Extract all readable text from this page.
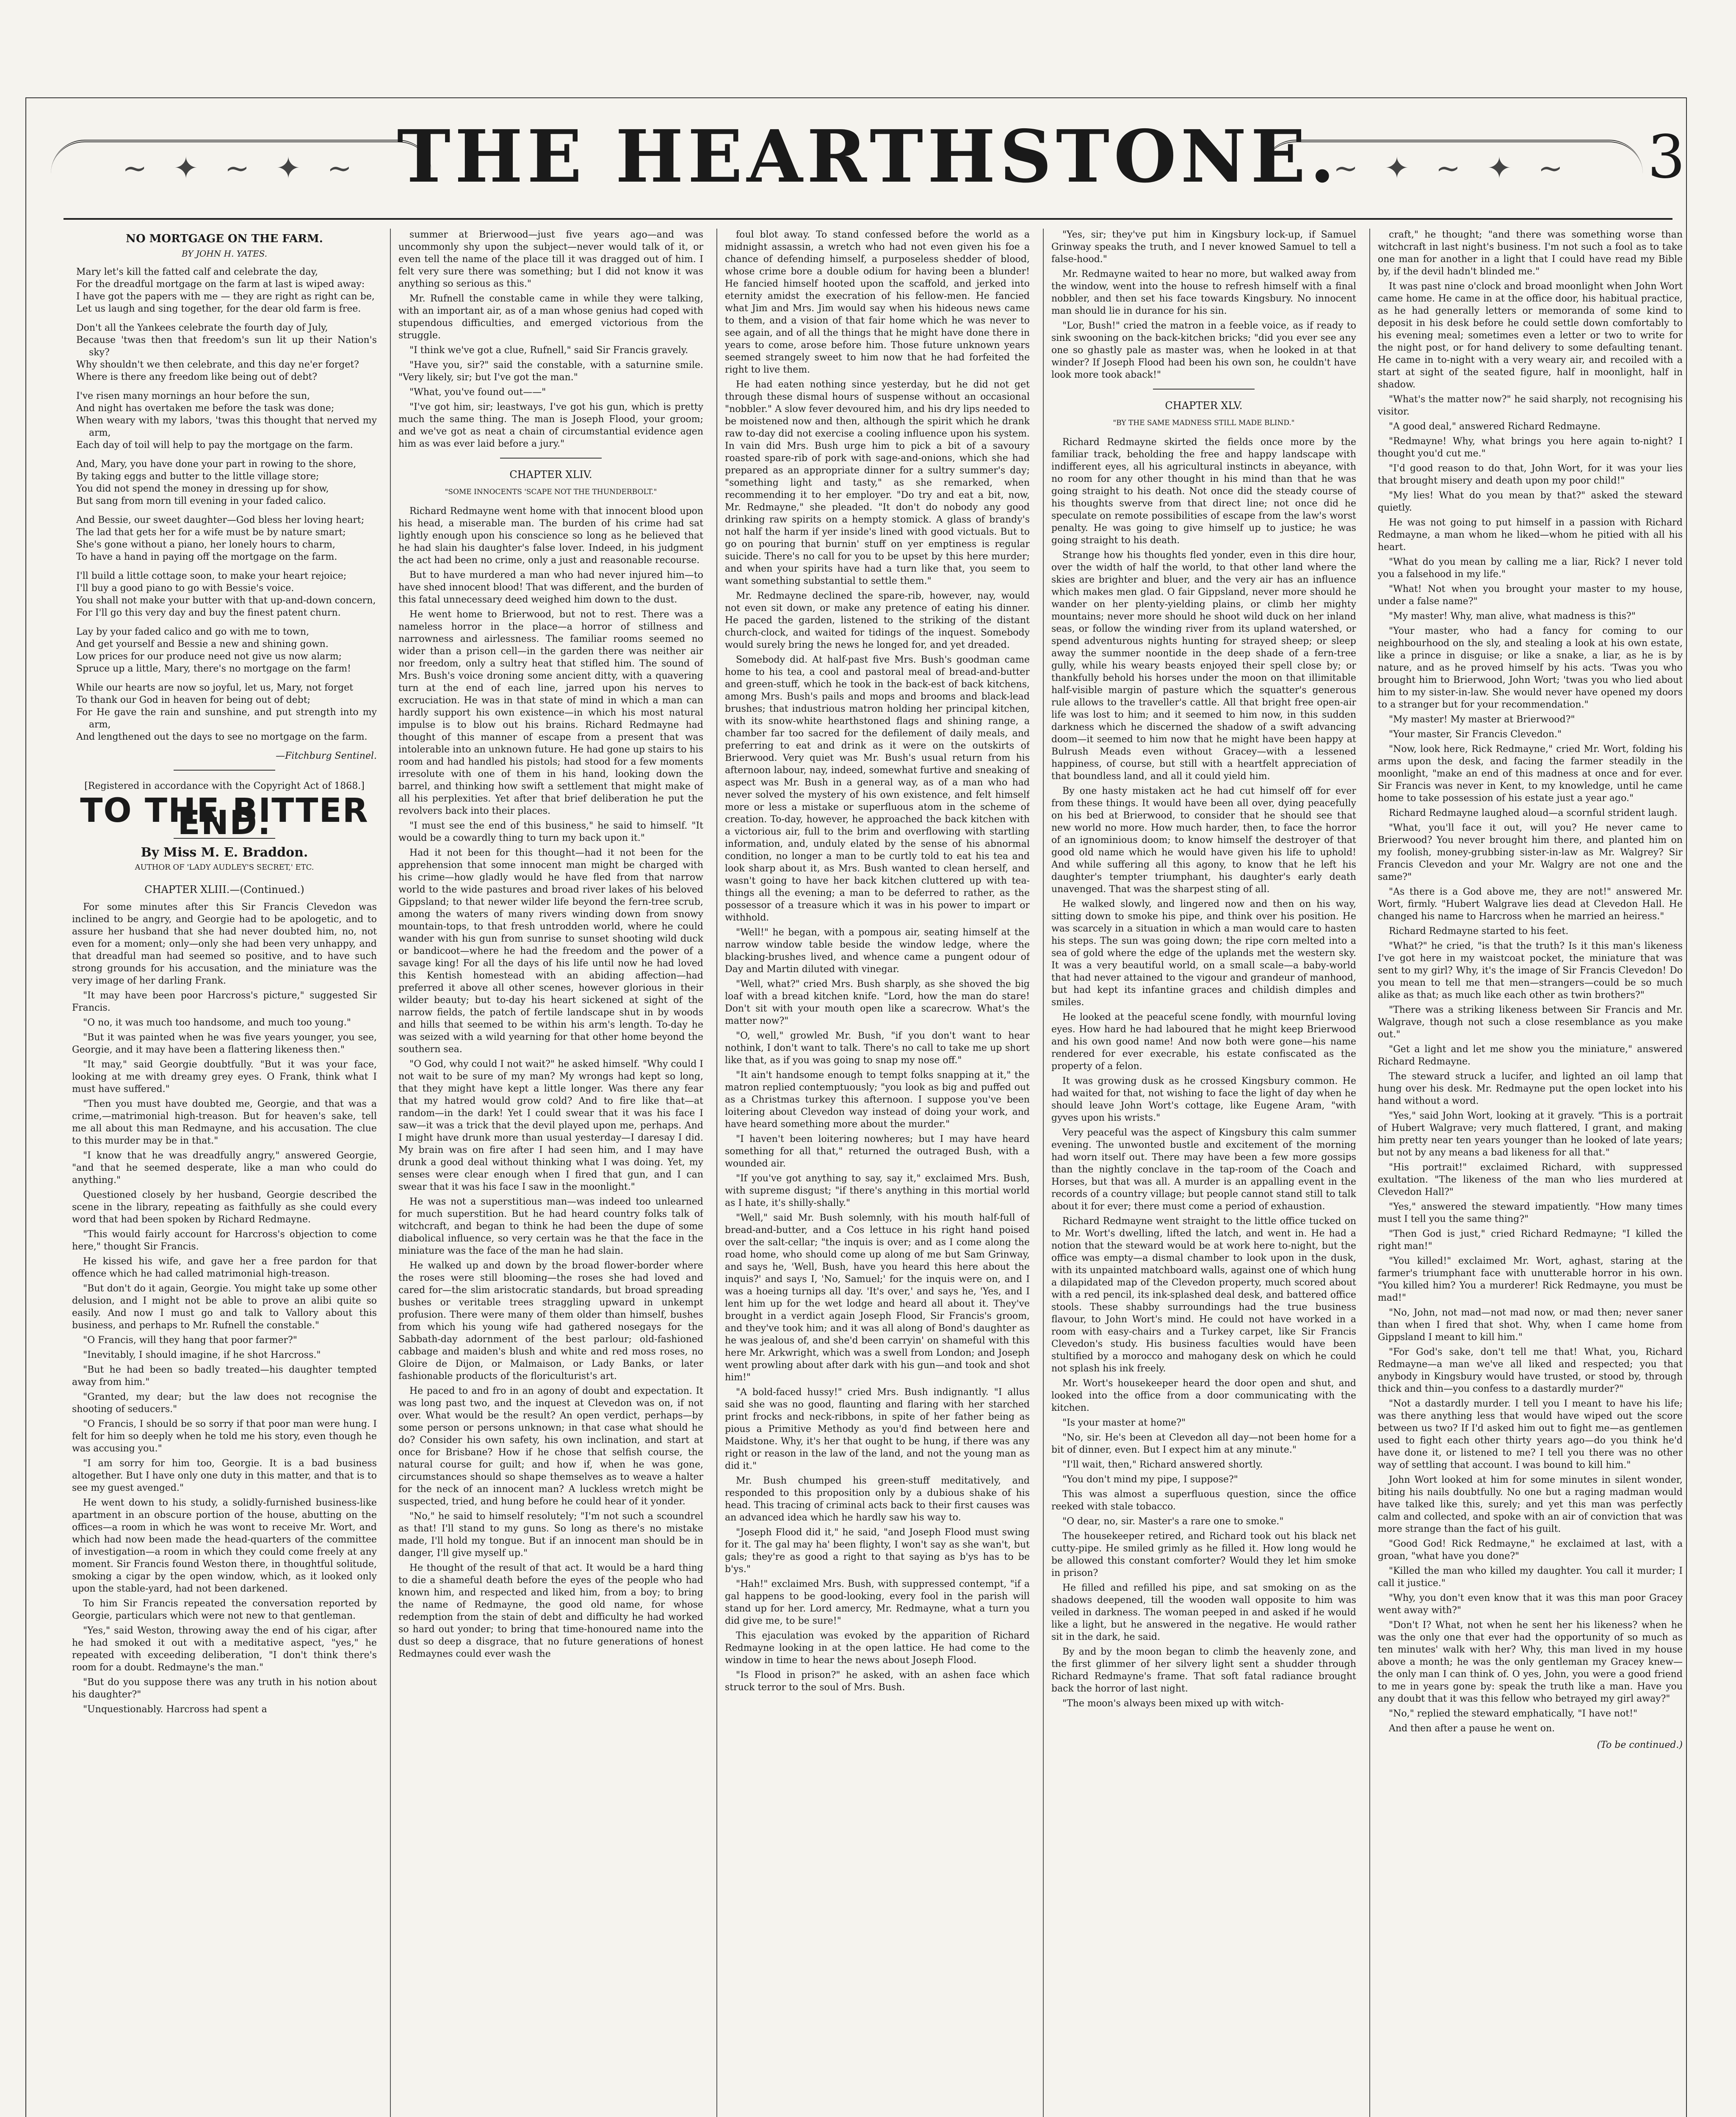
~ ✦ ~ ✦ ~	~ ✦ ~ ✦ ~
THE HEARTHSTONE.	3
NO MORTGAGE ON THE FARM.
BY JOHN H. YATES.
Mary let's kill the fatted calf and celebrate the day,
For the dreadful mortgage on the farm at last is wiped away:
I have got the papers with me — they are right as right can be,
Let us laugh and sing together, for the dear old farm is free.
Don't all the Yankees celebrate the fourth day of July,
Because 'twas then that freedom's sun lit up their Nation's sky?
Why shouldn't we then celebrate, and this day ne'er forget?
Where is there any freedom like being out of debt?
I've risen many mornings an hour before the sun,
And night has overtaken me before the task was done;
When weary with my labors, 'twas this thought that nerved my arm,
Each day of toil will help to pay the mortgage on the farm.
And, Mary, you have done your part in rowing to the shore,
By taking eggs and butter to the little village store;
You did not spend the money in dressing up for show,
But sang from morn till evening in your faded calico.
And Bessie, our sweet daughter—God bless her loving heart;
The lad that gets her for a wife must be by nature smart;
She's gone without a piano, her lonely hours to charm,
To have a hand in paying off the mortgage on the farm.
I'll build a little cottage soon, to make your heart rejoice;
I'll buy a good piano to go with Bessie's voice.
You shall not make your butter with that up-and-down concern,
For I'll go this very day and buy the finest patent churn.
Lay by your faded calico and go with me to town,
And get yourself and Bessie a new and shining gown.
Low prices for our produce need not give us now alarm;
Spruce up a little, Mary, there's no mortgage on the farm!
While our hearts are now so joyful, let us, Mary, not forget
To thank our God in heaven for being out of debt;
For He gave the rain and sunshine, and put strength into my arm,
And lengthened out the days to see no mortgage on the farm.
—Fitchburg Sentinel.
[Registered in accordance with the Copyright Act of 1868.]
TO THE BITTER END.
By Miss M. E. Braddon.
AUTHOR OF 'LADY AUDLEY'S SECRET,' ETC.
CHAPTER XLIII.—(Continued.)

For some minutes after this Sir Francis Clevedon was inclined to be angry, and Georgie had to be apologetic, and to assure her husband that she had never doubted him, no, not even for a moment; only—only she had been very unhappy, and that dreadful man had seemed so positive, and to have such strong grounds for his accusation, and the miniature was the very image of her darling Frank.

"It may have been poor Harcross's picture," suggested Sir Francis.

"O no, it was much too handsome, and much too young."

"But it was painted when he was five years younger, you see, Georgie, and it may have been a flattering likeness then."

"It may," said Georgie doubtfully. "But it was your face, looking at me with dreamy grey eyes. O Frank, think what I must have suffered."

"Then you must have doubted me, Georgie, and that was a crime,—matrimonial high-treason. But for heaven's sake, tell me all about this man Redmayne, and his accusation. The clue to this murder may be in that."

"I know that he was dreadfully angry," answered Georgie, "and that he seemed desperate, like a man who could do anything."

Questioned closely by her husband, Georgie described the scene in the library, repeating as faithfully as she could every word that had been spoken by Richard Redmayne.

"This would fairly account for Harcross's objection to come here," thought Sir Francis.

He kissed his wife, and gave her a free pardon for that offence which he had called matrimonial high-treason.

"But don't do it again, Georgie. You might take up some other delusion, and I might not be able to prove an alibi quite so easily. And now I must go and talk to Vallory about this business, and perhaps to Mr. Rufnell the constable."

"O Francis, will they hang that poor farmer?"

"Inevitably, I should imagine, if he shot Harcross."

"But he had been so badly treated—his daughter tempted away from him."

"Granted, my dear; but the law does not recognise the shooting of seducers."

"O Francis, I should be so sorry if that poor man were hung. I felt for him so deeply when he told me his story, even though he was accusing you."

"I am sorry for him too, Georgie. It is a bad business altogether. But I have only one duty in this matter, and that is to see my guest avenged."

He went down to his study, a solidly-furnished business-like apartment in an obscure portion of the house, abutting on the offices—a room in which he was wont to receive Mr. Wort, and which had now been made the head-quarters of the committee of investigation—a room in which they could come freely at any moment. Sir Francis found Weston there, in thoughtful solitude, smoking a cigar by the open window, which, as it looked only upon the stable-yard, had not been darkened.

To him Sir Francis repeated the conversation reported by Georgie, particulars which were not new to that gentleman.

"Yes," said Weston, throwing away the end of his cigar, after he had smoked it out with a meditative aspect, "yes," he repeated with exceeding deliberation, "I don't think there's room for a doubt. Redmayne's the man."

"But do you suppose there was any truth in his notion about his daughter?"

"Unquestionably. Harcross had spent a

summer at Brierwood—just five years ago—and was uncommonly shy upon the subject—never would talk of it, or even tell the name of the place till it was dragged out of him. I felt very sure there was something; but I did not know it was anything so serious as this."

Mr. Rufnell the constable came in while they were talking, with an important air, as of a man whose genius had coped with stupendous difficulties, and emerged victorious from the struggle.

"I think we've got a clue, Rufnell," said Sir Francis gravely.

"Have you, sir?" said the constable, with a saturnine smile. "Very likely, sir; but I've got the man."

"What, you've found out——"

"I've got him, sir; leastways, I've got his gun, which is pretty much the same thing. The man is Joseph Flood, your groom; and we've got as neat a chain of circumstantial evidence agen him as was ever laid before a jury."

CHAPTER XLIV.
"SOME INNOCENTS 'SCAPE NOT THE THUNDERBOLT."

Richard Redmayne went home with that innocent blood upon his head, a miserable man. The burden of his crime had sat lightly enough upon his conscience so long as he believed that he had slain his daughter's false lover. Indeed, in his judgment the act had been no crime, only a just and reasonable recourse.

But to have murdered a man who had never injured him—to have shed innocent blood! That was different, and the burden of this fatal unnecessary deed weighed him down to the dust.

He went home to Brierwood, but not to rest. There was a nameless horror in the place—a horror of stillness and narrowness and airlessness. The familiar rooms seemed no wider than a prison cell—in the garden there was neither air nor freedom, only a sultry heat that stifled him. The sound of Mrs. Bush's voice droning some ancient ditty, with a quavering turn at the end of each line, jarred upon his nerves to excruciation. He was in that state of mind in which a man can hardly support his own existence—in which his most natural impulse is to blow out his brains. Richard Redmayne had thought of this manner of escape from a present that was intolerable into an unknown future. He had gone up stairs to his room and had handled his pistols; had stood for a few moments irresolute with one of them in his hand, looking down the barrel, and thinking how swift a settlement that might make of all his perplexities. Yet after that brief deliberation he put the revolvers back into their places.

"I must see the end of this business," he said to himself. "It would be a cowardly thing to turn my back upon it."

Had it not been for this thought—had it not been for the apprehension that some innocent man might be charged with his crime—how gladly would he have fled from that narrow world to the wide pastures and broad river lakes of his beloved Gippsland; to that newer wilder life beyond the fern-tree scrub, among the waters of many rivers winding down from snowy mountain-tops, to that fresh untrodden world, where he could wander with his gun from sunrise to sunset shooting wild duck or bandicoot—where he had the freedom and the power of a savage king! For all the days of his life until now he had loved this Kentish homestead with an abiding affection—had preferred it above all other scenes, however glorious in their wilder beauty; but to-day his heart sickened at sight of the narrow fields, the patch of fertile landscape shut in by woods and hills that seemed to be within his arm's length. To-day he was seized with a wild yearning for that other home beyond the southern sea.

"O God, why could I not wait?" he asked himself. "Why could I not wait to be sure of my man? My wrongs had kept so long, that they might have kept a little longer. Was there any fear that my hatred would grow cold? And to fire like that—at random—in the dark! Yet I could swear that it was his face I saw—it was a trick that the devil played upon me, perhaps. And I might have drunk more than usual yesterday—I daresay I did. My brain was on fire after I had seen him, and I may have drunk a good deal without thinking what I was doing. Yet, my senses were clear enough when I fired that gun, and I can swear that it was his face I saw in the moonlight."

He was not a superstitious man—was indeed too unlearned for much superstition. But he had heard country folks talk of witchcraft, and began to think he had been the dupe of some diabolical influence, so very certain was he that the face in the miniature was the face of the man he had slain.

He walked up and down by the broad flower-border where the roses were still blooming—the roses she had loved and cared for—the slim aristocratic standards, but broad spreading bushes or veritable trees straggling upward in unkempt profusion. There were many of them older than himself, bushes from which his young wife had gathered nosegays for the Sabbath-day adornment of the best parlour; old-fashioned cabbage and maiden's blush and white and red moss roses, no Gloire de Dijon, or Malmaison, or Lady Banks, or later fashionable products of the floriculturist's art.

He paced to and fro in an agony of doubt and expectation. It was long past two, and the inquest at Clevedon was on, if not over. What would be the result? An open verdict, perhaps—by some person or persons unknown; in that case what should he do? Consider his own safety, his own inclination, and start at once for Brisbane? How if he chose that selfish course, the natural course for guilt; and how if, when he was gone, circumstances should so shape themselves as to weave a halter for the neck of an innocent man? A luckless wretch might be suspected, tried, and hung before he could hear of it yonder.

"No," he said to himself resolutely; "I'm not such a scoundrel as that! I'll stand to my guns. So long as there's no mistake made, I'll hold my tongue. But if an innocent man should be in danger, I'll give myself up."

He thought of the result of that act. It would be a hard thing to die a shameful death before the eyes of the people who had known him, and respected and liked him, from a boy; to bring the name of Redmayne, the good old name, for whose redemption from the stain of debt and difficulty he had worked so hard out yonder; to bring that time-honoured name into the dust so deep a disgrace, that no future generations of honest Redmaynes could ever wash the

foul blot away. To stand confessed before the world as a midnight assassin, a wretch who had not even given his foe a chance of defending himself, a purposeless shedder of blood, whose crime bore a double odium for having been a blunder! He fancied himself hooted upon the scaffold, and jerked into eternity amidst the execration of his fellow-men. He fancied what Jim and Mrs. Jim would say when his hideous news came to them, and a vision of that fair home which he was never to see again, and of all the things that he might have done there in years to come, arose before him. Those future unknown years seemed strangely sweet to him now that he had forfeited the right to live them.

He had eaten nothing since yesterday, but he did not get through these dismal hours of suspense without an occasional "nobbler." A slow fever devoured him, and his dry lips needed to be moistened now and then, although the spirit which he drank raw to-day did not exercise a cooling influence upon his system. In vain did Mrs. Bush urge him to pick a bit of a savoury roasted spare-rib of pork with sage-and-onions, which she had prepared as an appropriate dinner for a sultry summer's day; "something light and tasty," as she remarked, when recommending it to her employer. "Do try and eat a bit, now, Mr. Redmayne," she pleaded. "It don't do nobody any good drinking raw spirits on a hempty stomick. A glass of brandy's not half the harm if yer inside's lined with good victuals. But to go on pouring that burnin' stuff on yer emptiness is regular suicide. There's no call for you to be upset by this here murder; and when your spirits have had a turn like that, you seem to want something substantial to settle them."

Mr. Redmayne declined the spare-rib, however, nay, would not even sit down, or make any pretence of eating his dinner. He paced the garden, listened to the striking of the distant church-clock, and waited for tidings of the inquest. Somebody would surely bring the news he longed for, and yet dreaded.

Somebody did. At half-past five Mrs. Bush's goodman came home to his tea, a cool and pastoral meal of bread-and-butter and green-stuff, which he took in the back-est of back kitchens, among Mrs. Bush's pails and mops and brooms and black-lead brushes; that industrious matron holding her principal kitchen, with its snow-white hearthstoned flags and shining range, a chamber far too sacred for the defilement of daily meals, and preferring to eat and drink as it were on the outskirts of Brierwood. Very quiet was Mr. Bush's usual return from his afternoon labour, nay, indeed, somewhat furtive and sneaking of aspect was Mr. Bush in a general way, as of a man who had never solved the mystery of his own existence, and felt himself more or less a mistake or superfluous atom in the scheme of creation. To-day, however, he approached the back kitchen with a victorious air, full to the brim and overflowing with startling information, and, unduly elated by the sense of his abnormal condition, no longer a man to be curtly told to eat his tea and look sharp about it, as Mrs. Bush wanted to clean herself, and wasn't going to have her back kitchen cluttered up with tea-things all the evening; a man to be deferred to rather, as the possessor of a treasure which it was in his power to impart or withhold.

"Well!" he began, with a pompous air, seating himself at the narrow window table beside the window ledge, where the blacking-brushes lived, and whence came a pungent odour of Day and Martin diluted with vinegar.

"Well, what?" cried Mrs. Bush sharply, as she shoved the big loaf with a bread kitchen knife. "Lord, how the man do stare! Don't sit with your mouth open like a scarecrow. What's the matter now?"

"O, well," growled Mr. Bush, "if you don't want to hear nothink, I don't want to talk. There's no call to take me up short like that, as if you was going to snap my nose off."

"It ain't handsome enough to tempt folks snapping at it," the matron replied contemptuously; "you look as big and puffed out as a Christmas turkey this afternoon. I suppose you've been loitering about Clevedon way instead of doing your work, and have heard something more about the murder."

"I haven't been loitering nowheres; but I may have heard something for all that," returned the outraged Bush, with a wounded air.

"If you've got anything to say, say it," exclaimed Mrs. Bush, with supreme disgust; "if there's anything in this mortial world as I hate, it's shilly-shally."

"Well," said Mr. Bush solemnly, with his mouth half-full of bread-and-butter, and a Cos lettuce in his right hand poised over the salt-cellar; "the inquis is over; and as I come along the road home, who should come up along of me but Sam Grinway, and says he, 'Well, Bush, have you heard this here about the inquis?' and says I, 'No, Samuel;' for the inquis were on, and I was a hoeing turnips all day. 'It's over,' and says he, 'Yes, and I lent him up for the wet lodge and heard all about it. They've brought in a verdict again Joseph Flood, Sir Francis's groom, and they've took him; and it was all along of Bond's daughter as he was jealous of, and she'd been carryin' on shameful with this here Mr. Arkwright, which was a swell from London; and Joseph went prowling about after dark with his gun—and took and shot him!"

"A bold-faced hussy!" cried Mrs. Bush indignantly. "I allus said she was no good, flaunting and flaring with her starched print frocks and neck-ribbons, in spite of her father being as pious a Primitive Methody as you'd find between here and Maidstone. Why, it's her that ought to be hung, if there was any right or reason in the law of the land, and not the young man as did it."

Mr. Bush chumped his green-stuff meditatively, and responded to this proposition only by a dubious shake of his head. This tracing of criminal acts back to their first causes was an advanced idea which he hardly saw his way to.

"Joseph Flood did it," he said, "and Joseph Flood must swing for it. The gal may ha' been flighty, I won't say as she wan't, but gals; they're as good a right to that saying as b'ys has to be b'ys."

"Hah!" exclaimed Mrs. Bush, with suppressed contempt, "if a gal happens to be good-looking, every fool in the parish will stand up for her. Lord amercy, Mr. Redmayne, what a turn you did give me, to be sure!"

This ejaculation was evoked by the apparition of Richard Redmayne looking in at the open lattice. He had come to the window in time to hear the news about Joseph Flood.

"Is Flood in prison?" he asked, with an ashen face which struck terror to the soul of Mrs. Bush.

"Yes, sir; they've put him in Kingsbury lock-up, if Samuel Grinway speaks the truth, and I never knowed Samuel to tell a false-hood."

Mr. Redmayne waited to hear no more, but walked away from the window, went into the house to refresh himself with a final nobbler, and then set his face towards Kingsbury. No innocent man should lie in durance for his sin.

"Lor, Bush!" cried the matron in a feeble voice, as if ready to sink swooning on the back-kitchen bricks; "did you ever see any one so ghastly pale as master was, when he looked in at that winder? If Joseph Flood had been his own son, he couldn't have look more took aback!"

CHAPTER XLV.
"BY THE SAME MADNESS STILL MADE BLIND."

Richard Redmayne skirted the fields once more by the familiar track, beholding the free and happy landscape with indifferent eyes, all his agricultural instincts in abeyance, with no room for any other thought in his mind than that he was going straight to his death. Not once did the steady course of his thoughts swerve from that direct line; not once did he speculate on remote possibilities of escape from the law's worst penalty. He was going to give himself up to justice; he was going straight to his death.

Strange how his thoughts fled yonder, even in this dire hour, over the width of half the world, to that other land where the skies are brighter and bluer, and the very air has an influence which makes men glad. O fair Gippsland, never more should he wander on her plenty-yielding plains, or climb her mighty mountains; never more should he shoot wild duck on her inland seas, or follow the winding river from its upland watershed, or spend adventurous nights hunting for strayed sheep; or sleep away the summer noontide in the deep shade of a fern-tree gully, while his weary beasts enjoyed their spell close by; or thankfully behold his horses under the moon on that illimitable half-visible margin of pasture which the squatter's generous rule allows to the traveller's cattle. All that bright free open-air life was lost to him; and it seemed to him now, in this sudden darkness which he discerned the shadow of a swift advancing doom—it seemed to him now that he might have been happy at Bulrush Meads even without Gracey—with a lessened happiness, of course, but still with a heartfelt appreciation of that boundless land, and all it could yield him.

By one hasty mistaken act he had cut himself off for ever from these things. It would have been all over, dying peacefully on his bed at Brierwood, to consider that he should see that new world no more. How much harder, then, to face the horror of an ignominious doom; to know himself the destroyer of that good old name which he would have given his life to uphold! And while suffering all this agony, to know that he left his daughter's tempter triumphant, his daughter's early death unavenged. That was the sharpest sting of all.

He walked slowly, and lingered now and then on his way, sitting down to smoke his pipe, and think over his position. He was scarcely in a situation in which a man would care to hasten his steps. The sun was going down; the ripe corn melted into a sea of gold where the edge of the uplands met the western sky. It was a very beautiful world, on a small scale—a baby-world that had never attained to the vigour and grandeur of manhood, but had kept its infantine graces and childish dimples and smiles.

He looked at the peaceful scene fondly, with mournful loving eyes. How hard he had laboured that he might keep Brierwood and his own good name! And now both were gone—his name rendered for ever execrable, his estate confiscated as the property of a felon.

It was growing dusk as he crossed Kingsbury common. He had waited for that, not wishing to face the light of day when he should leave John Wort's cottage, like Eugene Aram, "with gyves upon his wrists."

Very peaceful was the aspect of Kingsbury this calm summer evening. The unwonted bustle and excitement of the morning had worn itself out. There may have been a few more gossips than the nightly conclave in the tap-room of the Coach and Horses, but that was all. A murder is an appalling event in the records of a country village; but people cannot stand still to talk about it for ever; there must come a period of exhaustion.

Richard Redmayne went straight to the little office tucked on to Mr. Wort's dwelling, lifted the latch, and went in. He had a notion that the steward would be at work here to-night, but the office was empty—a dismal chamber to look upon in the dusk, with its unpainted matchboard walls, against one of which hung a dilapidated map of the Clevedon property, much scored about with a red pencil, its ink-splashed deal desk, and battered office stools. These shabby surroundings had the true business flavour, to John Wort's mind. He could not have worked in a room with easy-chairs and a Turkey carpet, like Sir Francis Clevedon's study. His business faculties would have been stultified by a morocco and mahogany desk on which he could not splash his ink freely.

Mr. Wort's housekeeper heard the door open and shut, and looked into the office from a door communicating with the kitchen.

"Is your master at home?"

"No, sir. He's been at Clevedon all day—not been home for a bit of dinner, even. But I expect him at any minute."

"I'll wait, then," Richard answered shortly.

"You don't mind my pipe, I suppose?"

This was almost a superfluous question, since the office reeked with stale tobacco.

"O dear, no, sir. Master's a rare one to smoke."

The housekeeper retired, and Richard took out his black net cutty-pipe. He smiled grimly as he filled it. How long would he be allowed this constant comforter? Would they let him smoke in prison?

He filled and refilled his pipe, and sat smoking on as the shadows deepened, till the wooden wall opposite to him was veiled in darkness. The woman peeped in and asked if he would like a light, but he answered in the negative. He would rather sit in the dark, he said.

By and by the moon began to climb the heavenly zone, and the first glimmer of her silvery light sent a shudder through Richard Redmayne's frame. That soft fatal radiance brought back the horror of last night.

"The moon's always been mixed up with witch-

craft," he thought; "and there was something worse than witchcraft in last night's business. I'm not such a fool as to take one man for another in a light that I could have read my Bible by, if the devil hadn't blinded me."

It was past nine o'clock and broad moonlight when John Wort came home. He came in at the office door, his habitual practice, as he had generally letters or memoranda of some kind to deposit in his desk before he could settle down comfortably to his evening meal; sometimes even a letter or two to write for the night post, or for hand delivery to some defaulting tenant. He came in to-night with a very weary air, and recoiled with a start at sight of the seated figure, half in moonlight, half in shadow.

"What's the matter now?" he said sharply, not recognising his visitor.

"A good deal," answered Richard Redmayne.

"Redmayne! Why, what brings you here again to-night? I thought you'd cut me."

"I'd good reason to do that, John Wort, for it was your lies that brought misery and death upon my poor child!"

"My lies! What do you mean by that?" asked the steward quietly.

He was not going to put himself in a passion with Richard Redmayne, a man whom he liked—whom he pitied with all his heart.

"What do you mean by calling me a liar, Rick? I never told you a falsehood in my life."

"What! Not when you brought your master to my house, under a false name?"

"My master! Why, man alive, what madness is this?"

"Your master, who had a fancy for coming to our neighbourhood on the sly, and stealing a look at his own estate, like a prince in disguise; or like a snake, a liar, as he is by nature, and as he proved himself by his acts. 'Twas you who brought him to Brierwood, John Wort; 'twas you who lied about him to my sister-in-law. She would never have opened my doors to a stranger but for your recommendation."

"My master! My master at Brierwood?"

"Your master, Sir Francis Clevedon."

"Now, look here, Rick Redmayne," cried Mr. Wort, folding his arms upon the desk, and facing the farmer steadily in the moonlight, "make an end of this madness at once and for ever. Sir Francis was never in Kent, to my knowledge, until he came home to take possession of his estate just a year ago."

Richard Redmayne laughed aloud—a scornful strident laugh.

"What, you'll face it out, will you? He never came to Brierwood? You never brought him there, and planted him on my foolish, money-grubbing sister-in-law as Mr. Walgrey? Sir Francis Clevedon and your Mr. Walgry are not one and the same?"

"As there is a God above me, they are not!" answered Mr. Wort, firmly. "Hubert Walgrave lies dead at Clevedon Hall. He changed his name to Harcross when he married an heiress."

Richard Redmayne started to his feet.

"What?" he cried, "is that the truth? Is it this man's likeness I've got here in my waistcoat pocket, the miniature that was sent to my girl? Why, it's the image of Sir Francis Clevedon! Do you mean to tell me that men—strangers—could be so much alike as that; as much like each other as twin brothers?"

"There was a striking likeness between Sir Francis and Mr. Walgrave, though not such a close resemblance as you make out."

"Get a light and let me show you the miniature," answered Richard Redmayne.

The steward struck a lucifer, and lighted an oil lamp that hung over his desk. Mr. Redmayne put the open locket into his hand without a word.

"Yes," said John Wort, looking at it gravely. "This is a portrait of Hubert Walgrave; very much flattered, I grant, and making him pretty near ten years younger than he looked of late years; but not by any means a bad likeness for all that."

"His portrait!" exclaimed Richard, with suppressed exultation. "The likeness of the man who lies murdered at Clevedon Hall?"

"Yes," answered the steward impatiently. "How many times must I tell you the same thing?"

"Then God is just," cried Richard Redmayne; "I killed the right man!"

"You killed!" exclaimed Mr. Wort, aghast, staring at the farmer's triumphant face with unutterable horror in his own. "You killed him? You a murderer! Rick Redmayne, you must be mad!"

"No, John, not mad—not mad now, or mad then; never saner than when I fired that shot. Why, when I came home from Gippsland I meant to kill him."

"For God's sake, don't tell me that! What, you, Richard Redmayne—a man we've all liked and respected; you that anybody in Kingsbury would have trusted, or stood by, through thick and thin—you confess to a dastardly murder?"

"Not a dastardly murder. I tell you I meant to have his life; was there anything less that would have wiped out the score between us two? If I'd asked him out to fight me—as gentlemen used to fight each other thirty years ago—do you think he'd have done it, or listened to me? I tell you there was no other way of settling that account. I was bound to kill him."

John Wort looked at him for some minutes in silent wonder, biting his nails doubtfully. No one but a raging madman would have talked like this, surely; and yet this man was perfectly calm and collected, and spoke with an air of conviction that was more strange than the fact of his guilt.

"Good God! Rick Redmayne," he exclaimed at last, with a groan, "what have you done?"

"Killed the man who killed my daughter. You call it murder; I call it justice."

"Why, you don't even know that it was this man poor Gracey went away with?"

"Don't I? What, not when he sent her his likeness? when he was the only one that ever had the opportunity of so much as ten minutes' walk with her? Why, this man lived in my house above a month; he was the only gentleman my Gracey knew—the only man I can think of. O yes, John, you were a good friend to me in years gone by: speak the truth like a man. Have you any doubt that it was this fellow who betrayed my girl away?"

"No," replied the steward emphatically, "I have not!"

And then after a pause he went on.

(To be continued.)
